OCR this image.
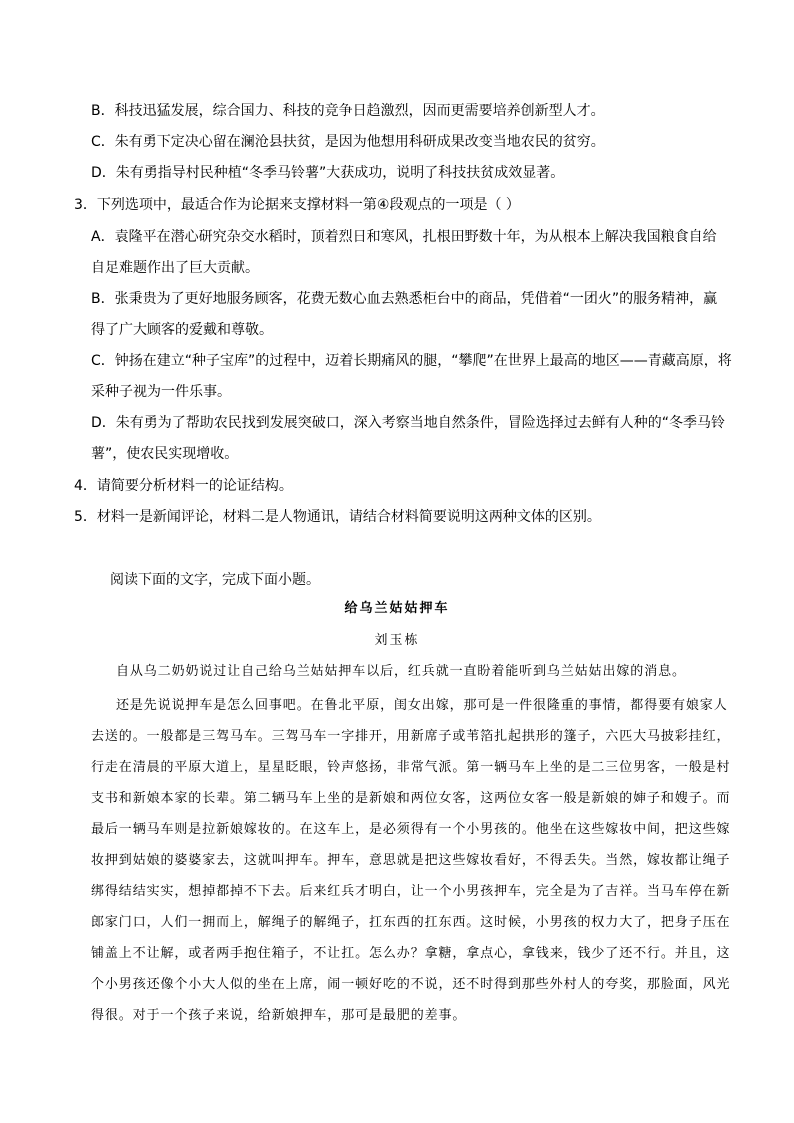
B．科技迅猛发展，综合国力、科技的竞争日趋激烈，因而更需要培养创新型人才。

C．朱有勇下定决心留在澜沧县扶贫，是因为他想用科研成果改变当地农民的贫穷。

D．朱有勇指导村民种植“冬季马铃薯”大获成功，说明了科技扶贫成效显著。

3．下列选项中，最适合作为论据来支撑材料一第④段观点的一项是（ ）

A．袁隆平在潜心研究杂交水稻时，顶着烈日和寒风，扎根田野数十年，为从根本上解决我国粮食自给

自足难题作出了巨大贡献。

B．张秉贵为了更好地服务顾客，花费无数心血去熟悉柜台中的商品，凭借着“一团火”的服务精神，赢

得了广大顾客的爱戴和尊敬。

C．钟扬在建立“种子宝库”的过程中，迈着长期痛风的腿，“攀爬”在世界上最高的地区——青藏高原，将

采种子视为一件乐事。

D．朱有勇为了帮助农民找到发展突破口，深入考察当地自然条件，冒险选择过去鲜有人种的“冬季马铃

薯”，使农民实现增收。

4．请简要分析材料一的论证结构。

5．材料一是新闻评论，材料二是人物通讯，请结合材料简要说明这两种文体的区别。

阅读下面的文字，完成下面小题。

给乌兰姑姑押车

刘玉栋

自从乌二奶奶说过让自己给乌兰姑姑押车以后，红兵就一直盼着能听到乌兰姑姑出嫁的消息。

还是先说说押车是怎么回事吧。在鲁北平原，闺女出嫁，那可是一件很隆重的事情，都得要有娘家人

去送的。一般都是三驾马车。三驾马车一字排开，用新席子或苇箔扎起拱形的篷子，六匹大马披彩挂红，

行走在清晨的平原大道上，星星眨眼，铃声悠扬，非常气派。第一辆马车上坐的是二三位男客，一般是村

支书和新娘本家的长辈。第二辆马车上坐的是新娘和两位女客，这两位女客一般是新娘的婶子和嫂子。而

最后一辆马车则是拉新娘嫁妆的。在这车上，是必须得有一个小男孩的。他坐在这些嫁妆中间，把这些嫁

妆押到姑娘的婆婆家去，这就叫押车。押车，意思就是把这些嫁妆看好，不得丢失。当然，嫁妆都让绳子

绑得结结实实，想掉都掉不下去。后来红兵才明白，让一个小男孩押车，完全是为了吉祥。当马车停在新

郎家门口，人们一拥而上，解绳子的解绳子，扛东西的扛东西。这时候，小男孩的权力大了，把身子压在

铺盖上不让解，或者两手抱住箱子，不让扛。怎么办？拿糖，拿点心，拿钱来，钱少了还不行。并且，这

个小男孩还像个小大人似的坐在上席，闹一顿好吃的不说，还不时得到那些外村人的夸奖，那脸面，风光

得很。对于一个孩子来说，给新娘押车，那可是最肥的差事。
